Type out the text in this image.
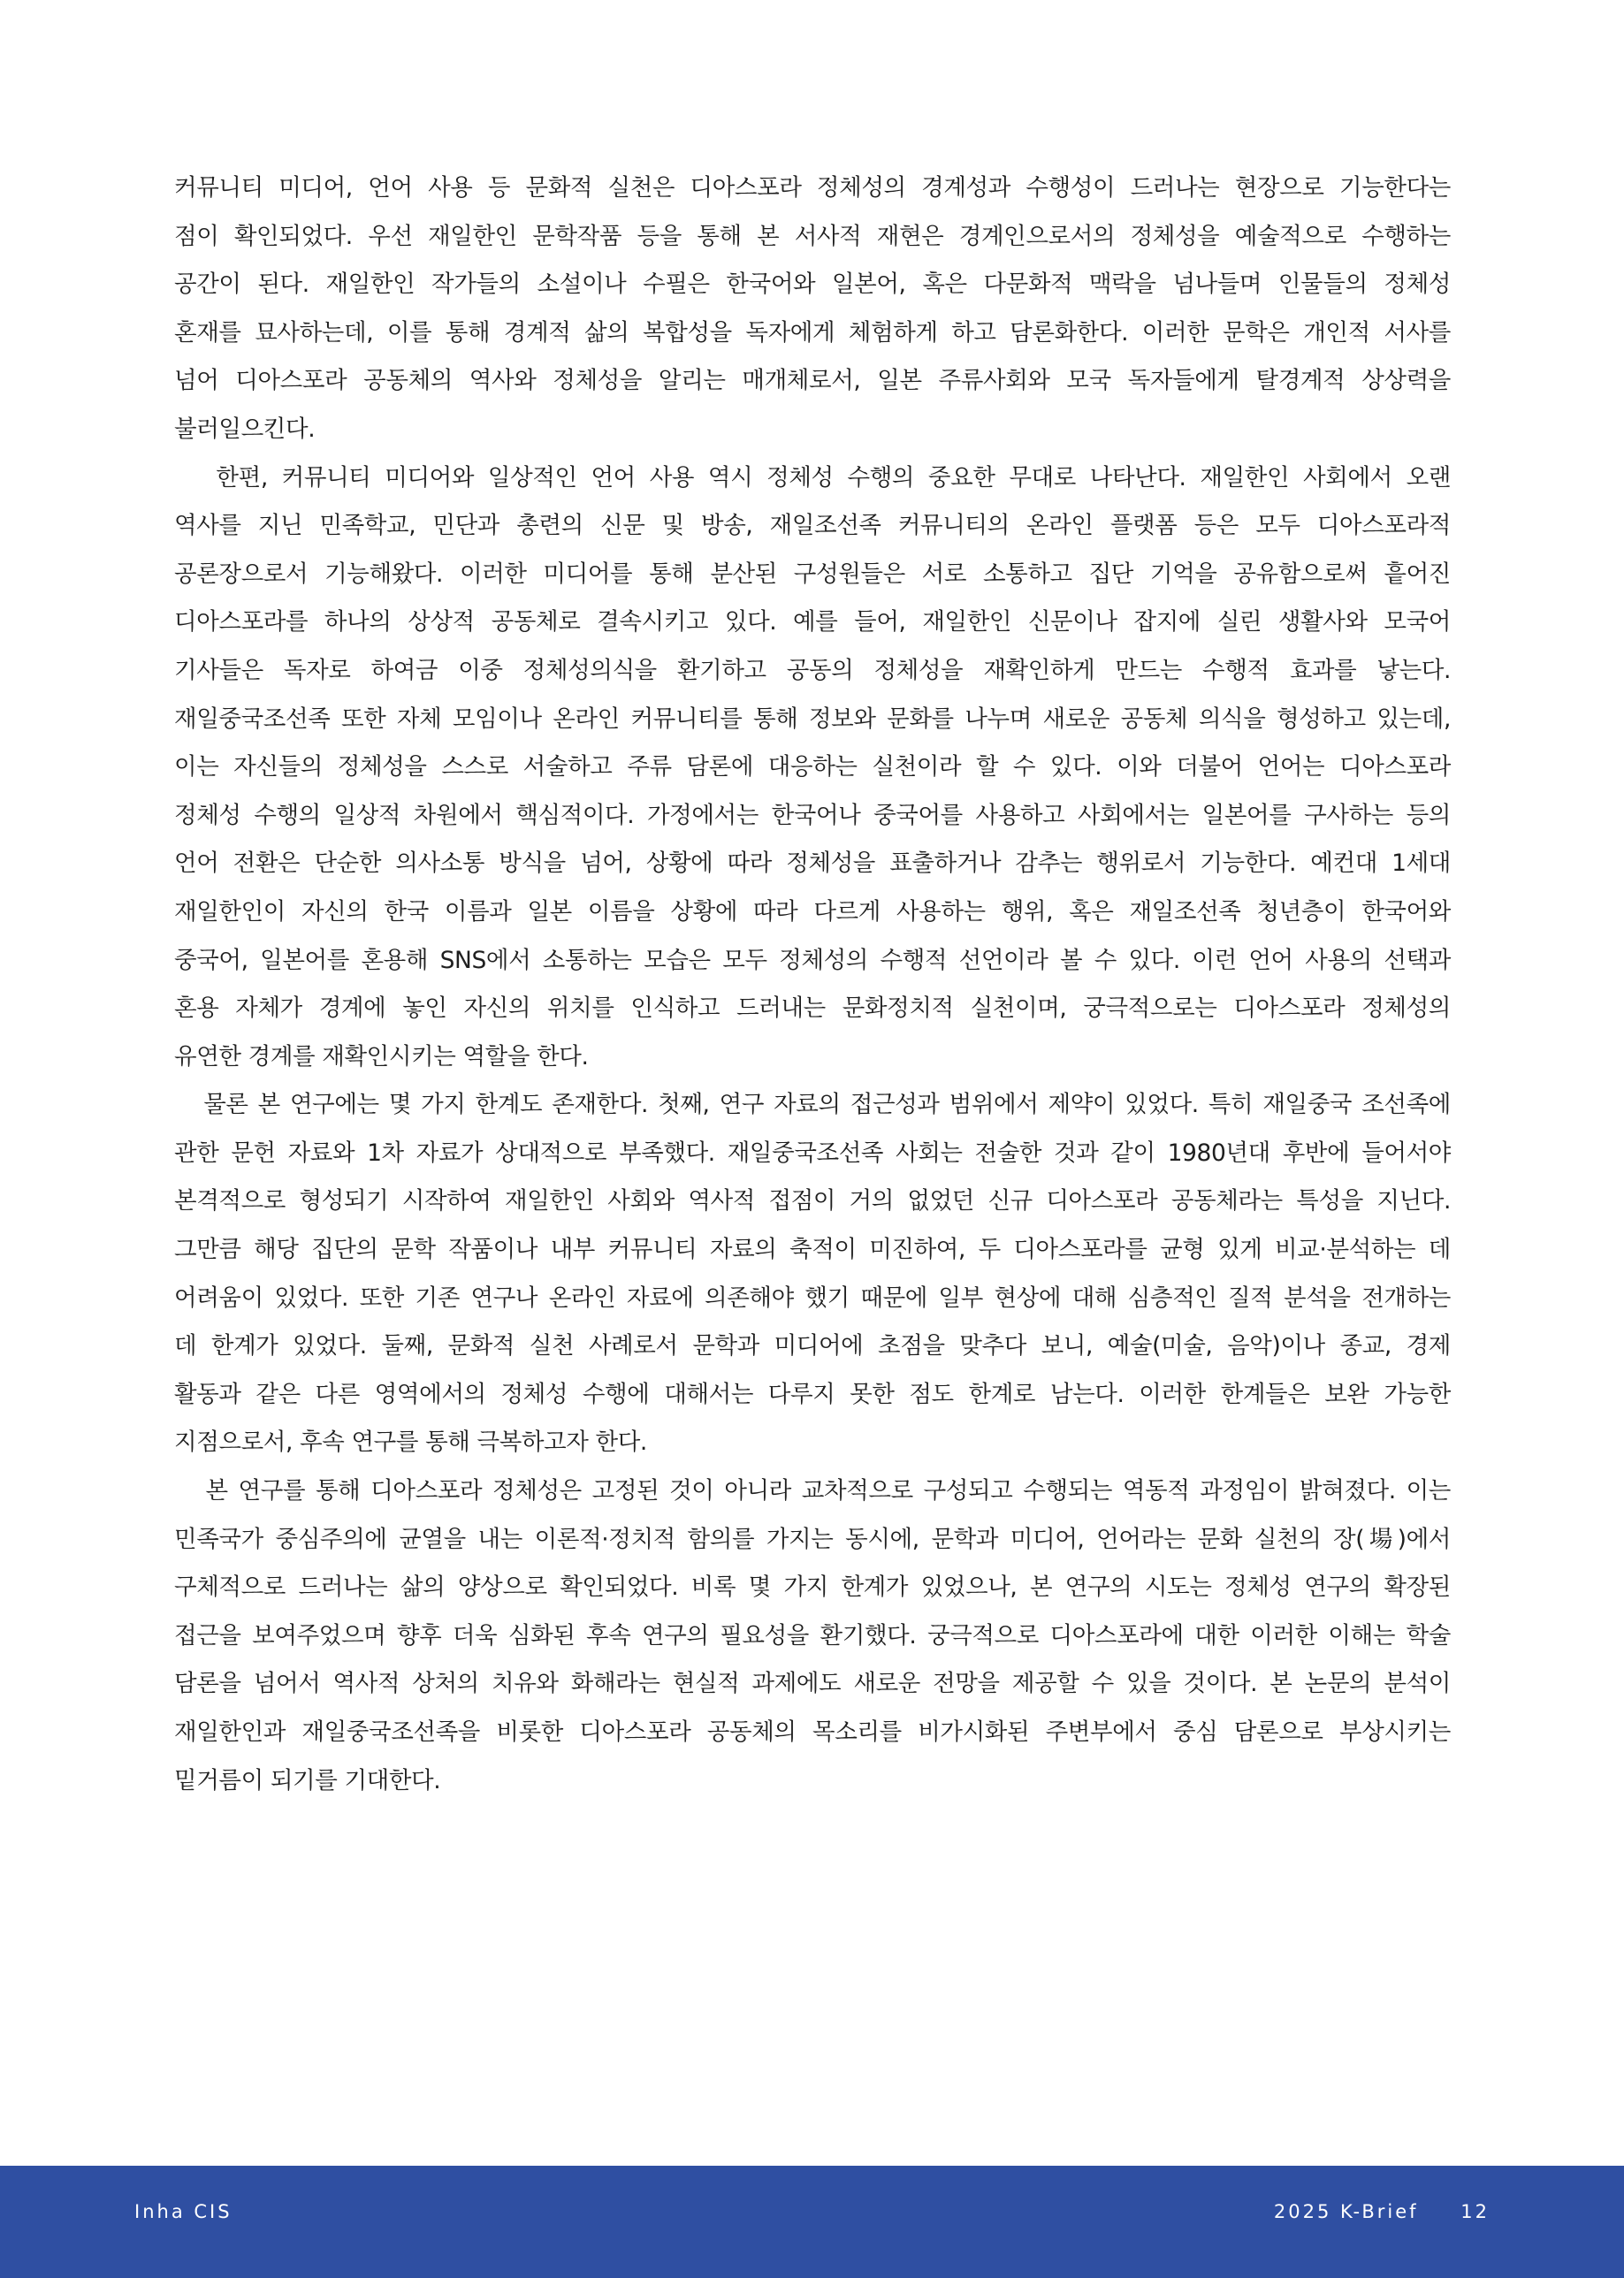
커뮤니티 미디어, 언어 사용 등 문화적 실천은 디아스포라 정체성의 경계성과 수행성이 드러나는 현장으로 기능한다는
점이 확인되었다. 우선 재일한인 문학작품 등을 통해 본 서사적 재현은 경계인으로서의 정체성을 예술적으로 수행하는
공간이 된다. 재일한인 작가들의 소설이나 수필은 한국어와 일본어, 혹은 다문화적 맥락을 넘나들며 인물들의 정체성
혼재를 묘사하는데, 이를 통해 경계적 삶의 복합성을 독자에게 체험하게 하고 담론화한다. 이러한 문학은 개인적 서사를
넘어 디아스포라 공동체의 역사와 정체성을 알리는 매개체로서, 일본 주류사회와 모국 독자들에게 탈경계적 상상력을
불러일으킨다.

한편, 커뮤니티 미디어와 일상적인 언어 사용 역시 정체성 수행의 중요한 무대로 나타난다. 재일한인 사회에서 오랜
역사를 지닌 민족학교, 민단과 총련의 신문 및 방송, 재일조선족 커뮤니티의 온라인 플랫폼 등은 모두 디아스포라적
공론장으로서 기능해왔다. 이러한 미디어를 통해 분산된 구성원들은 서로 소통하고 집단 기억을 공유함으로써 흩어진
디아스포라를 하나의 상상적 공동체로 결속시키고 있다. 예를 들어, 재일한인 신문이나 잡지에 실린 생활사와 모국어
기사들은 독자로 하여금 이중 정체성의식을 환기하고 공동의 정체성을 재확인하게 만드는 수행적 효과를 낳는다.
재일중국조선족 또한 자체 모임이나 온라인 커뮤니티를 통해 정보와 문화를 나누며 새로운 공동체 의식을 형성하고 있는데,
이는 자신들의 정체성을 스스로 서술하고 주류 담론에 대응하는 실천이라 할 수 있다. 이와 더불어 언어는 디아스포라
정체성 수행의 일상적 차원에서 핵심적이다. 가정에서는 한국어나 중국어를 사용하고 사회에서는 일본어를 구사하는 등의
언어 전환은 단순한 의사소통 방식을 넘어, 상황에 따라 정체성을 표출하거나 감추는 행위로서 기능한다. 예컨대 1세대
재일한인이 자신의 한국 이름과 일본 이름을 상황에 따라 다르게 사용하는 행위, 혹은 재일조선족 청년층이 한국어와
중국어, 일본어를 혼용해 SNS에서 소통하는 모습은 모두 정체성의 수행적 선언이라 볼 수 있다. 이런 언어 사용의 선택과
혼용 자체가 경계에 놓인 자신의 위치를 인식하고 드러내는 문화정치적 실천이며, 궁극적으로는 디아스포라 정체성의
유연한 경계를 재확인시키는 역할을 한다.

물론 본 연구에는 몇 가지 한계도 존재한다. 첫째, 연구 자료의 접근성과 범위에서 제약이 있었다. 특히 재일중국 조선족에
관한 문헌 자료와 1차 자료가 상대적으로 부족했다. 재일중국조선족 사회는 전술한 것과 같이 1980년대 후반에 들어서야
본격적으로 형성되기 시작하여 재일한인 사회와 역사적 접점이 거의 없었던 신규 디아스포라 공동체라는 특성을 지닌다.
그만큼 해당 집단의 문학 작품이나 내부 커뮤니티 자료의 축적이 미진하여, 두 디아스포라를 균형 있게 비교·분석하는 데
어려움이 있었다. 또한 기존 연구나 온라인 자료에 의존해야 했기 때문에 일부 현상에 대해 심층적인 질적 분석을 전개하는
데 한계가 있었다. 둘째, 문화적 실천 사례로서 문학과 미디어에 초점을 맞추다 보니, 예술(미술, 음악)이나 종교, 경제
활동과 같은 다른 영역에서의 정체성 수행에 대해서는 다루지 못한 점도 한계로 남는다. 이러한 한계들은 보완 가능한
지점으로서, 후속 연구를 통해 극복하고자 한다.

본 연구를 통해 디아스포라 정체성은 고정된 것이 아니라 교차적으로 구성되고 수행되는 역동적 과정임이 밝혀졌다. 이는
민족국가 중심주의에 균열을 내는 이론적·정치적 함의를 가지는 동시에, 문학과 미디어, 언어라는 문화 실천의 장(場)에서
구체적으로 드러나는 삶의 양상으로 확인되었다. 비록 몇 가지 한계가 있었으나, 본 연구의 시도는 정체성 연구의 확장된
접근을 보여주었으며 향후 더욱 심화된 후속 연구의 필요성을 환기했다. 궁극적으로 디아스포라에 대한 이러한 이해는 학술
담론을 넘어서 역사적 상처의 치유와 화해라는 현실적 과제에도 새로운 전망을 제공할 수 있을 것이다. 본 논문의 분석이
재일한인과 재일중국조선족을 비롯한 디아스포라 공동체의 목소리를 비가시화된 주변부에서 중심 담론으로 부상시키는
밑거름이 되기를 기대한다.

Inha CIS	2025 K-Brief 12
